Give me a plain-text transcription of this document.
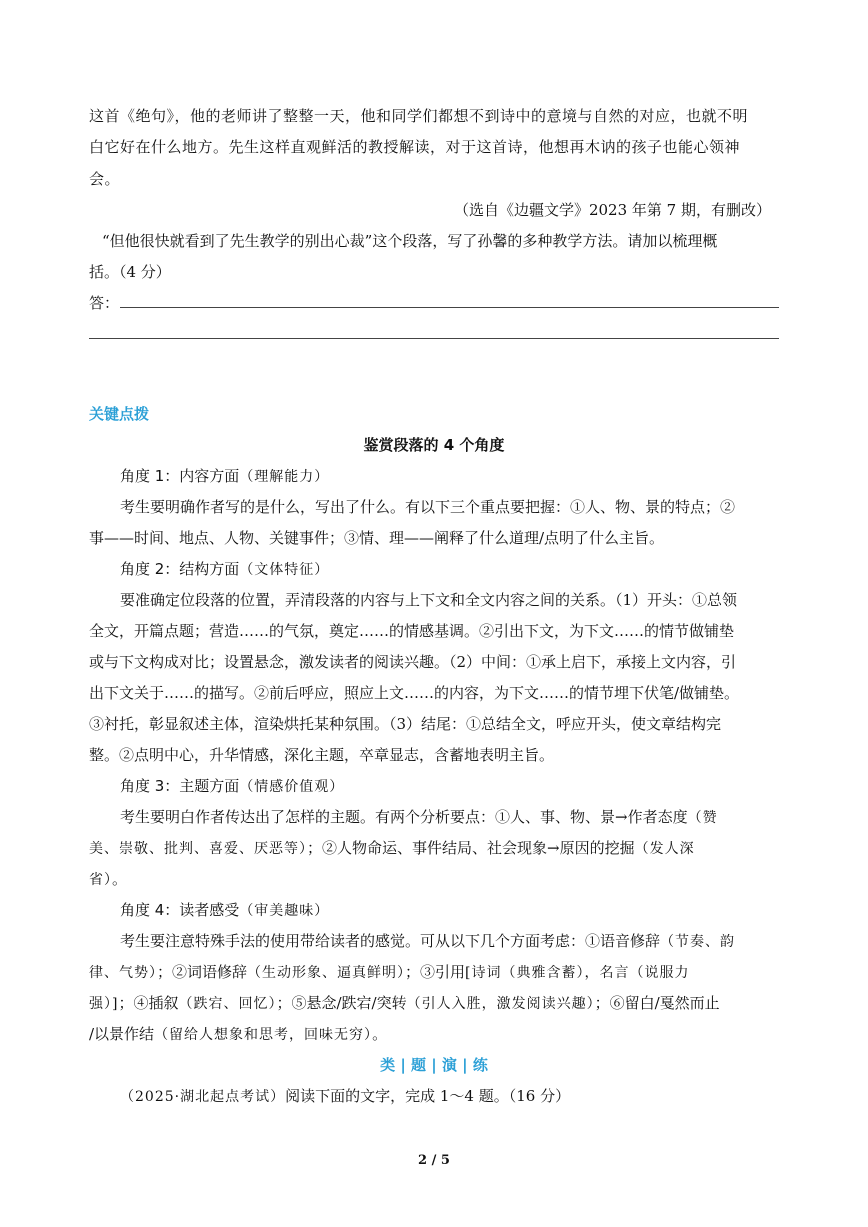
这首《绝句》，他的老师讲了整整一天，他和同学们都想不到诗中的意境与自然的对应，也就不明
白它好在什么地方。先生这样直观鲜活的教授解读，对于这首诗，他想再木讷的孩子也能心领神
会。
（选自《边疆文学》2023 年第 7 期，有删改）
“但他很快就看到了先生教学的别出心裁”这个段落，写了孙馨的多种教学方法。请加以梳理概
括。（4 分）
答：
关键点拨
鉴赏段落的 4 个角度
角度 1：内容方面（理解能力）
考生要明确作者写的是什么，写出了什么。有以下三个重点要把握：①人、物、景的特点；②
事——时间、地点、人物、关键事件；③情、理——阐释了什么道理/点明了什么主旨。
角度 2：结构方面（文体特征）
要准确定位段落的位置，弄清段落的内容与上下文和全文内容之间的关系。（1）开头：①总领
全文，开篇点题；营造……的气氛，奠定……的情感基调。②引出下文，为下文……的情节做铺垫
或与下文构成对比；设置悬念，激发读者的阅读兴趣。（2）中间：①承上启下，承接上文内容，引
出下文关于……的描写。②前后呼应，照应上文……的内容，为下文……的情节埋下伏笔/做铺垫。
③衬托，彰显叙述主体，渲染烘托某种氛围。（3）结尾：①总结全文，呼应开头，使文章结构完
整。②点明中心，升华情感，深化主题，卒章显志，含蓄地表明主旨。
角度 3：主题方面（情感价值观）
考生要明白作者传达出了怎样的主题。有两个分析要点：①人、事、物、景→作者态度（赞
美、崇敬、批判、喜爱、厌恶等）；②人物命运、事件结局、社会现象→原因的挖掘（发人深
省）。
角度 4：读者感受（审美趣味）
考生要注意特殊手法的使用带给读者的感觉。可从以下几个方面考虑：①语音修辞（节奏、韵
律、气势）；②词语修辞（生动形象、逼真鲜明）；③引用[诗词（典雅含蓄），名言（说服力
强）]；④插叙（跌宕、回忆）；⑤悬念/跌宕/突转（引人入胜，激发阅读兴趣）；⑥留白/戛然而止
/以景作结（留给人想象和思考，回味无穷）。
类 | 题 | 演 | 练
（2025·湖北起点考试）阅读下面的文字，完成 1～4 题。（16 分）
2 / 5
